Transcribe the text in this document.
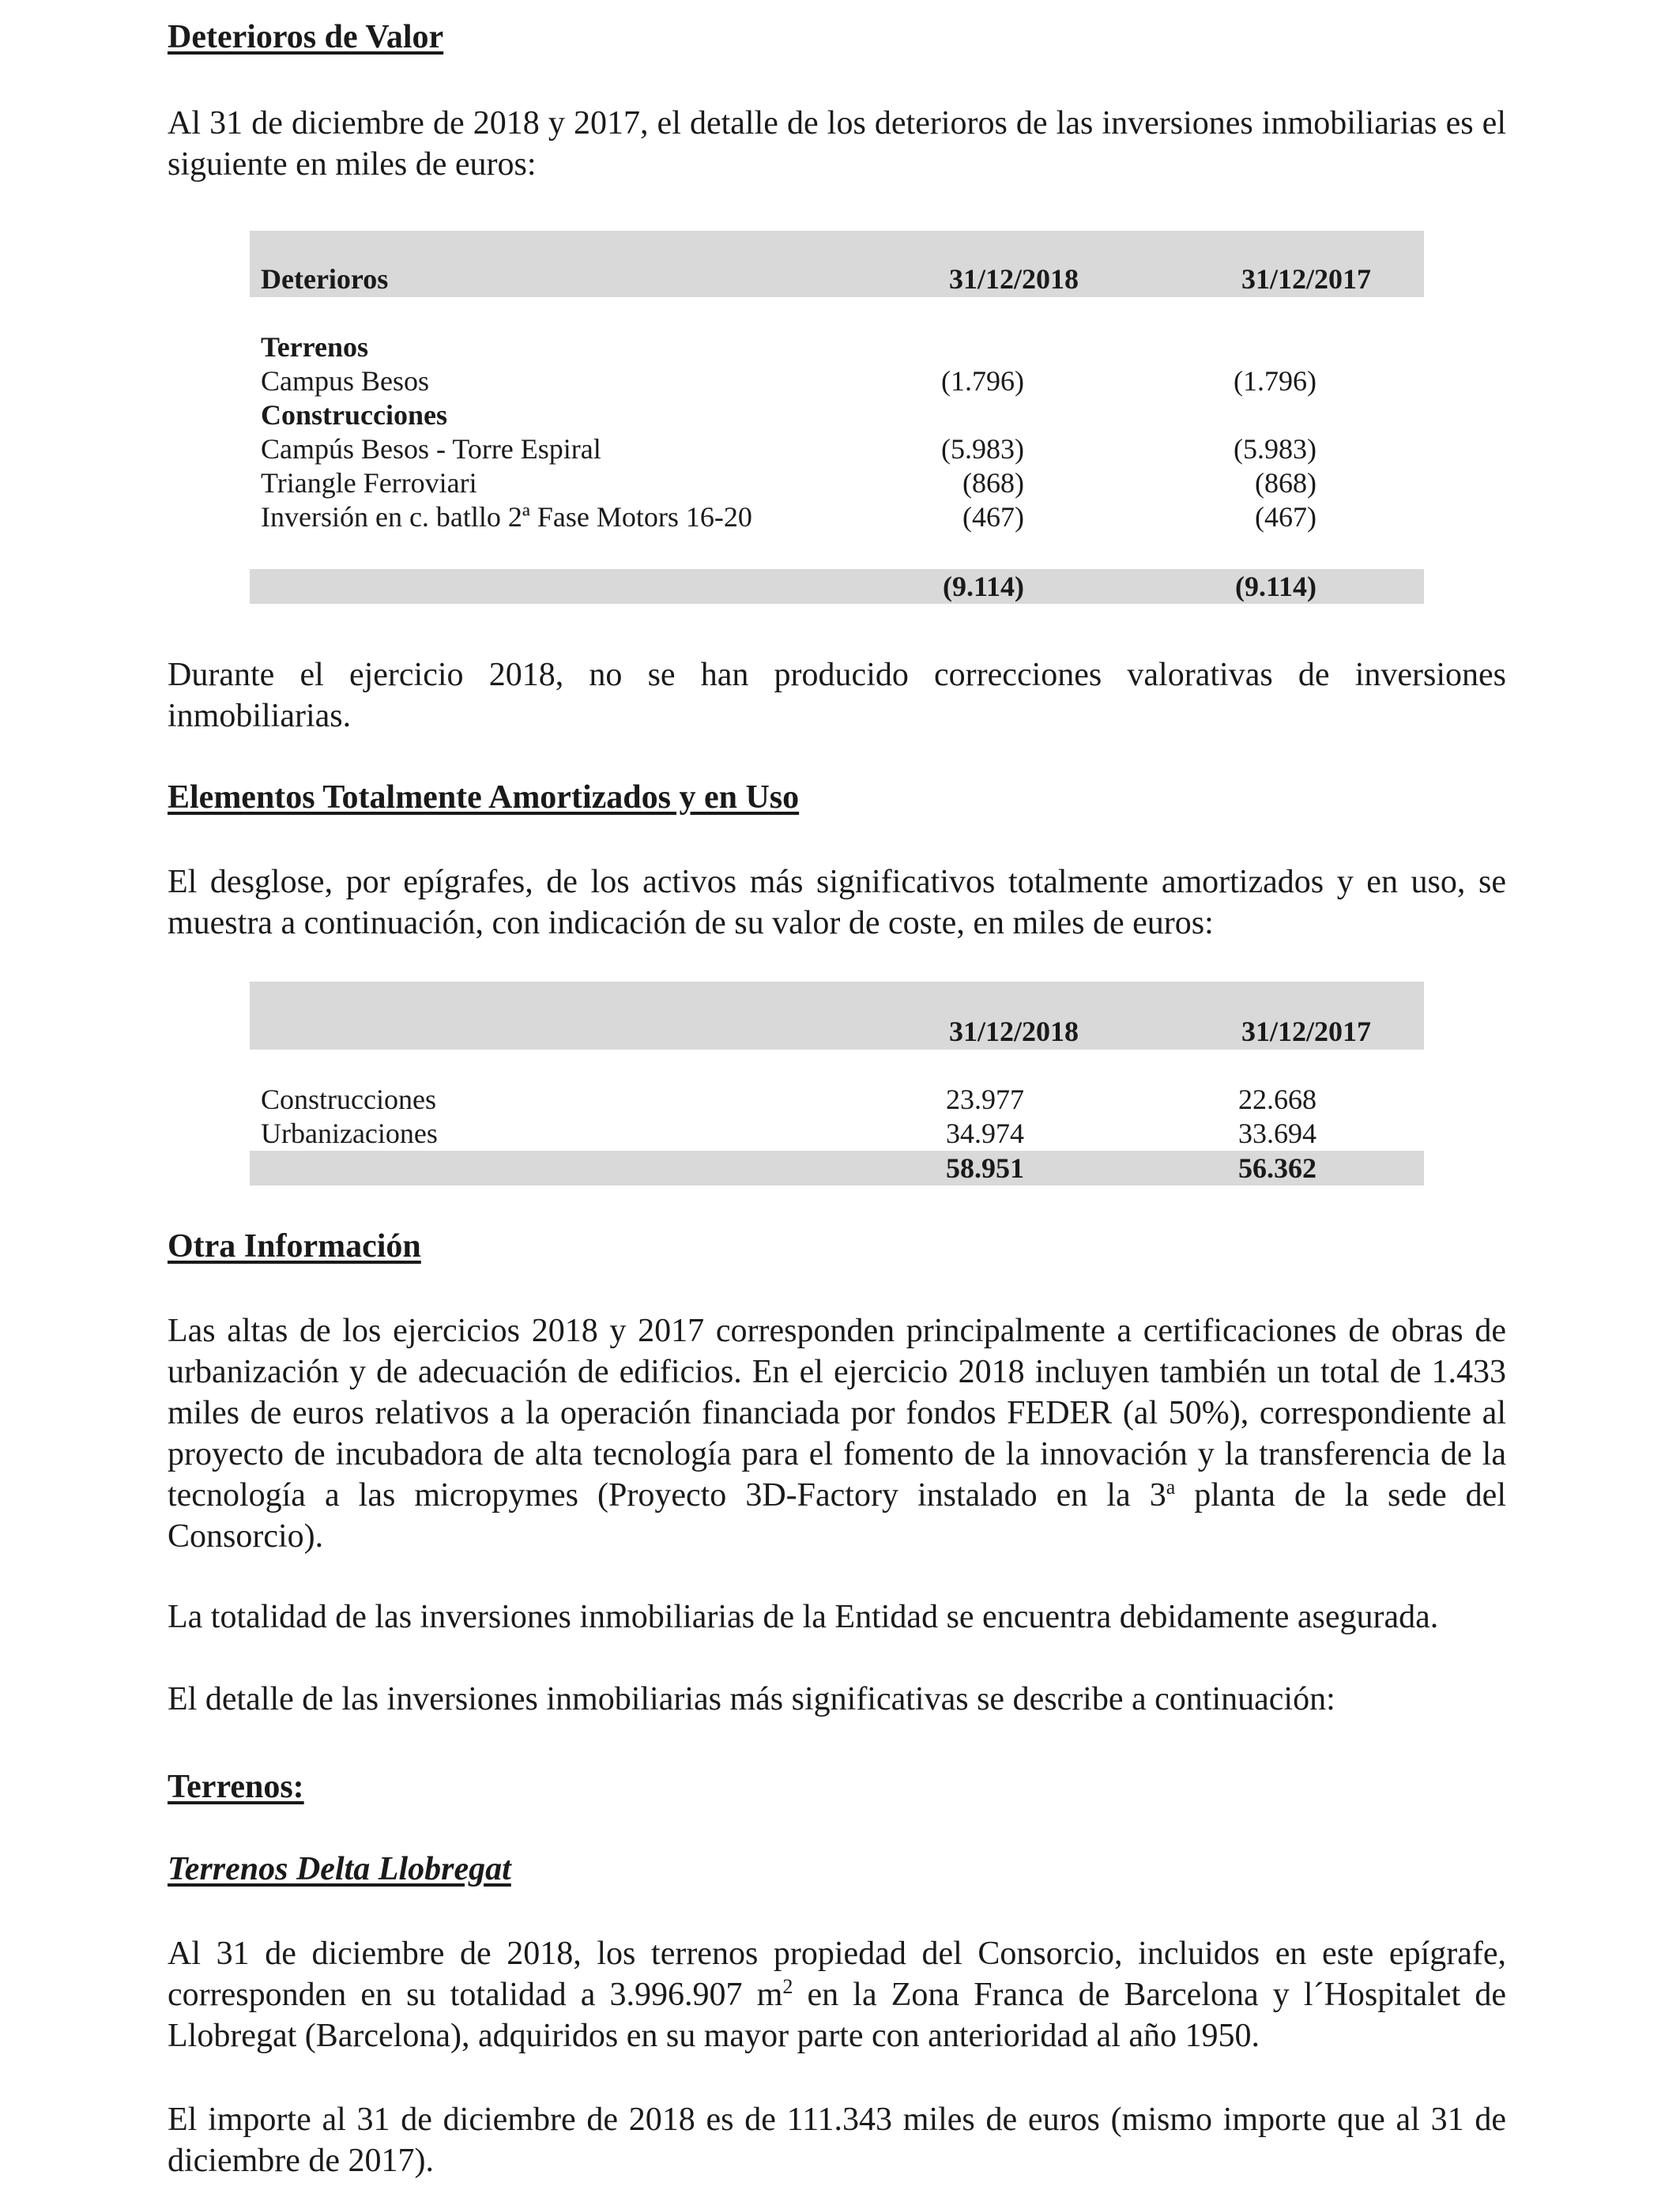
Deterioros de Valor

Al 31 de diciembre de 2018 y 2017, el detalle de los deterioros de las inversiones inmobiliarias es el siguiente en miles de euros:

Deterioros	31/12/2018	31/12/2017
Terrenos
Campus Besos	(1.796)	(1.796)
Construcciones
Campús Besos - Torre Espiral	(5.983)	(5.983)
Triangle Ferroviari	(868)	(868)
Inversión en c. batllo 2ª Fase Motors 16-20	(467)	(467)
(9.114)	(9.114)

Durante el ejercicio 2018, no se han producido correcciones valorativas de inversiones inmobiliarias.

Elementos Totalmente Amortizados y en Uso

El desglose, por epígrafes, de los activos más significativos totalmente amortizados y en uso, se muestra a continuación, con indicación de su valor de coste, en miles de euros:

31/12/2018	31/12/2017
Construcciones	23.977	22.668
Urbanizaciones	34.974	33.694
58.951	56.362
Otra Información

Las altas de los ejercicios 2018 y 2017 corresponden principalmente a certificaciones de obras de urbanización y de adecuación de edificios. En el ejercicio 2018 incluyen también un total de 1.433 miles de euros relativos a la operación financiada por fondos FEDER (al 50%), correspondiente al proyecto de incubadora de alta tecnología para el fomento de la innovación y la transferencia de la tecnología a las micropymes (Proyecto 3D-Factory instalado en la 3$^a$ planta de la sede del Consorcio).

La totalidad de las inversiones inmobiliarias de la Entidad se encuentra debidamente asegurada.

El detalle de las inversiones inmobiliarias más significativas se describe a continuación:

Terrenos:
Terrenos Delta Llobregat

Al 31 de diciembre de 2018, los terrenos propiedad del Consorcio, incluidos en este epígrafe, corresponden en su totalidad a 3.996.907 $m^2$ en la Zona Franca de Barcelona y l´Hospitalet de Llobregat (Barcelona), adquiridos en su mayor parte con anterioridad al año 1950.

El importe al 31 de diciembre de 2018 es de 111.343 miles de euros (mismo importe que al 31 de diciembre de 2017).
